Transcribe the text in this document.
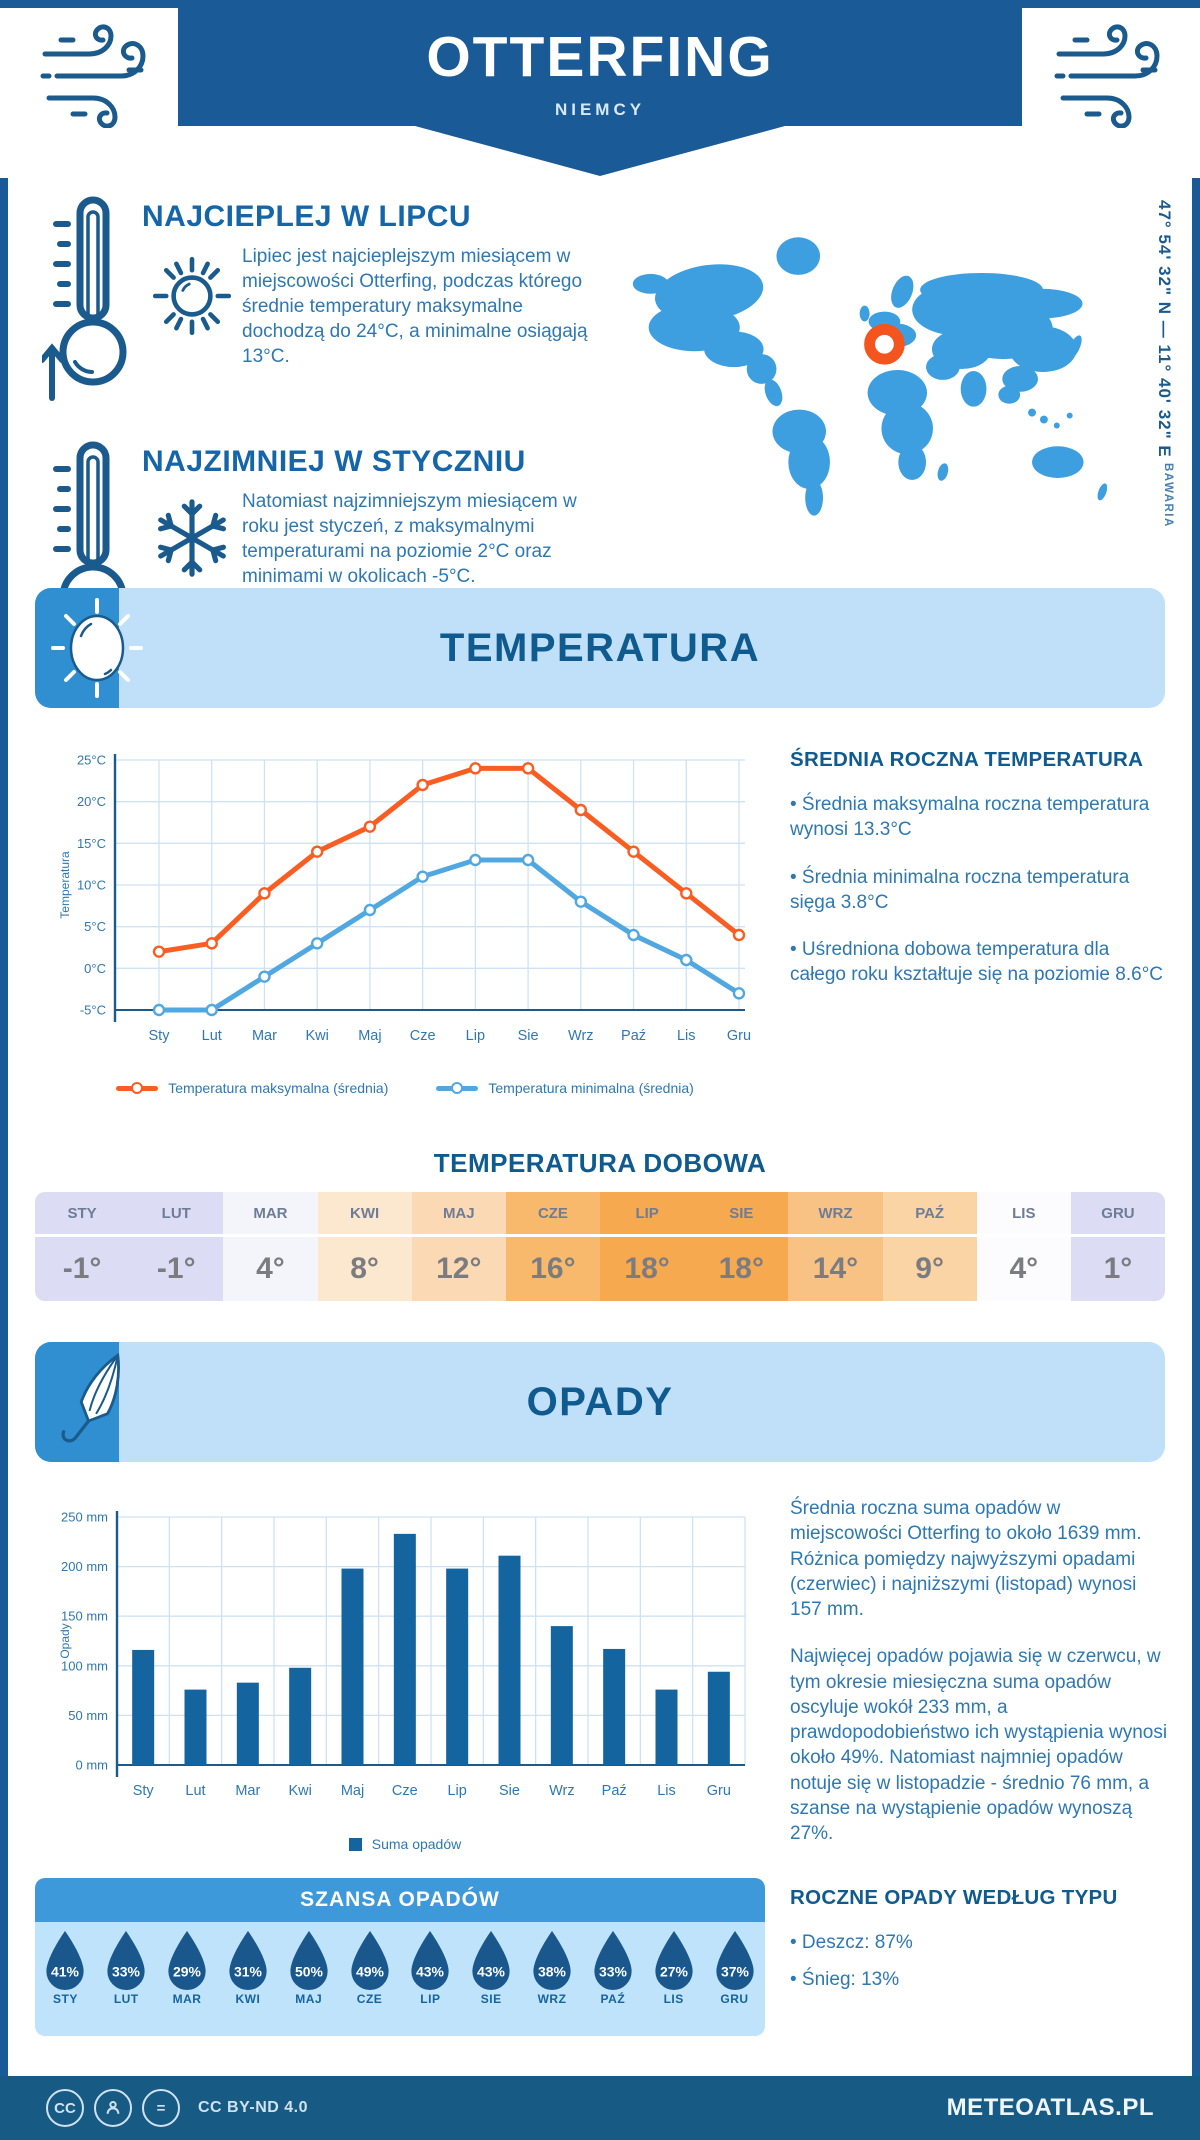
OTTERFING
NIEMCY
NAJCIEPLEJ W LIPCU
Lipiec jest najcieplejszym miesiącem w miejscowości Otterfing, podczas którego średnie temperatury maksymalne dochodzą do 24°C, a minimalne osiągają 13°C.
NAJZIMNIEJ W STYCZNIU
Natomiast najzimniejszym miesiącem w roku jest styczeń, z maksymalnymi temperaturami na poziomie 2°C oraz minimami w okolicach -5°C.
47° 54' 32" N — 11° 40' 32" E
BAWARIA
TEMPERATURA
-5°C
0°C
5°C
10°C
15°C
20°C
25°C
Sty Lut Mar Kwi Maj Cze Lip Sie Wrz Paź Lis Gru
Temperatura
Temperatura maksymalna (średnia)	Temperatura minimalna (średnia)
ŚREDNIA ROCZNA TEMPERATURA

• Średnia maksymalna roczna temperatura wynosi 13.3°C

• Średnia minimalna roczna temperatura sięga 3.8°C

• Uśredniona dobowa temperatura dla całego roku kształtuje się na poziomie 8.6°C

TEMPERATURA DOBOWA
STY
-1°
LUT
-1°
MAR
4°
KWI
8°
MAJ
12°
CZE
16°
LIP
18°
SIE
18°
WRZ
14°
PAŹ
9°
LIS
4°
GRU
1°
OPADY
0 mm
50 mm
100 mm
150 mm
200 mm
250 mm
Sty Lut Mar Kwi Maj Cze Lip Sie Wrz Paź Lis Gru
Opady
Suma opadów

Średnia roczna suma opadów w miejscowości Otterfing to około 1639 mm. Różnica pomiędzy najwyższymi opadami (czerwiec) i najniższymi (listopad) wynosi 157 mm.

Najwięcej opadów pojawia się w czerwcu, w tym okresie miesięczna suma opadów oscyluje wokół 233 mm, a prawdopodobieństwo ich wystąpienia wynosi około 49%. Natomiast najmniej opadów notuje się w listopadzie - średnio 76 mm, a szanse na wystąpienie opadów wynoszą 27%.

SZANSA OPADÓW
41%
STY
33%
LUT
29%
MAR
31%
KWI
50%
MAJ
49%
CZE
43%
LIP
43%
SIE
38%
WRZ
33%
PAŹ
27%
LIS
37%
GRU
ROCZNE OPADY WEDŁUG TYPU

• Deszcz: 87%

• Śnieg: 13%

CC	=	CC BY-ND 4.0	METEOATLAS.PL
